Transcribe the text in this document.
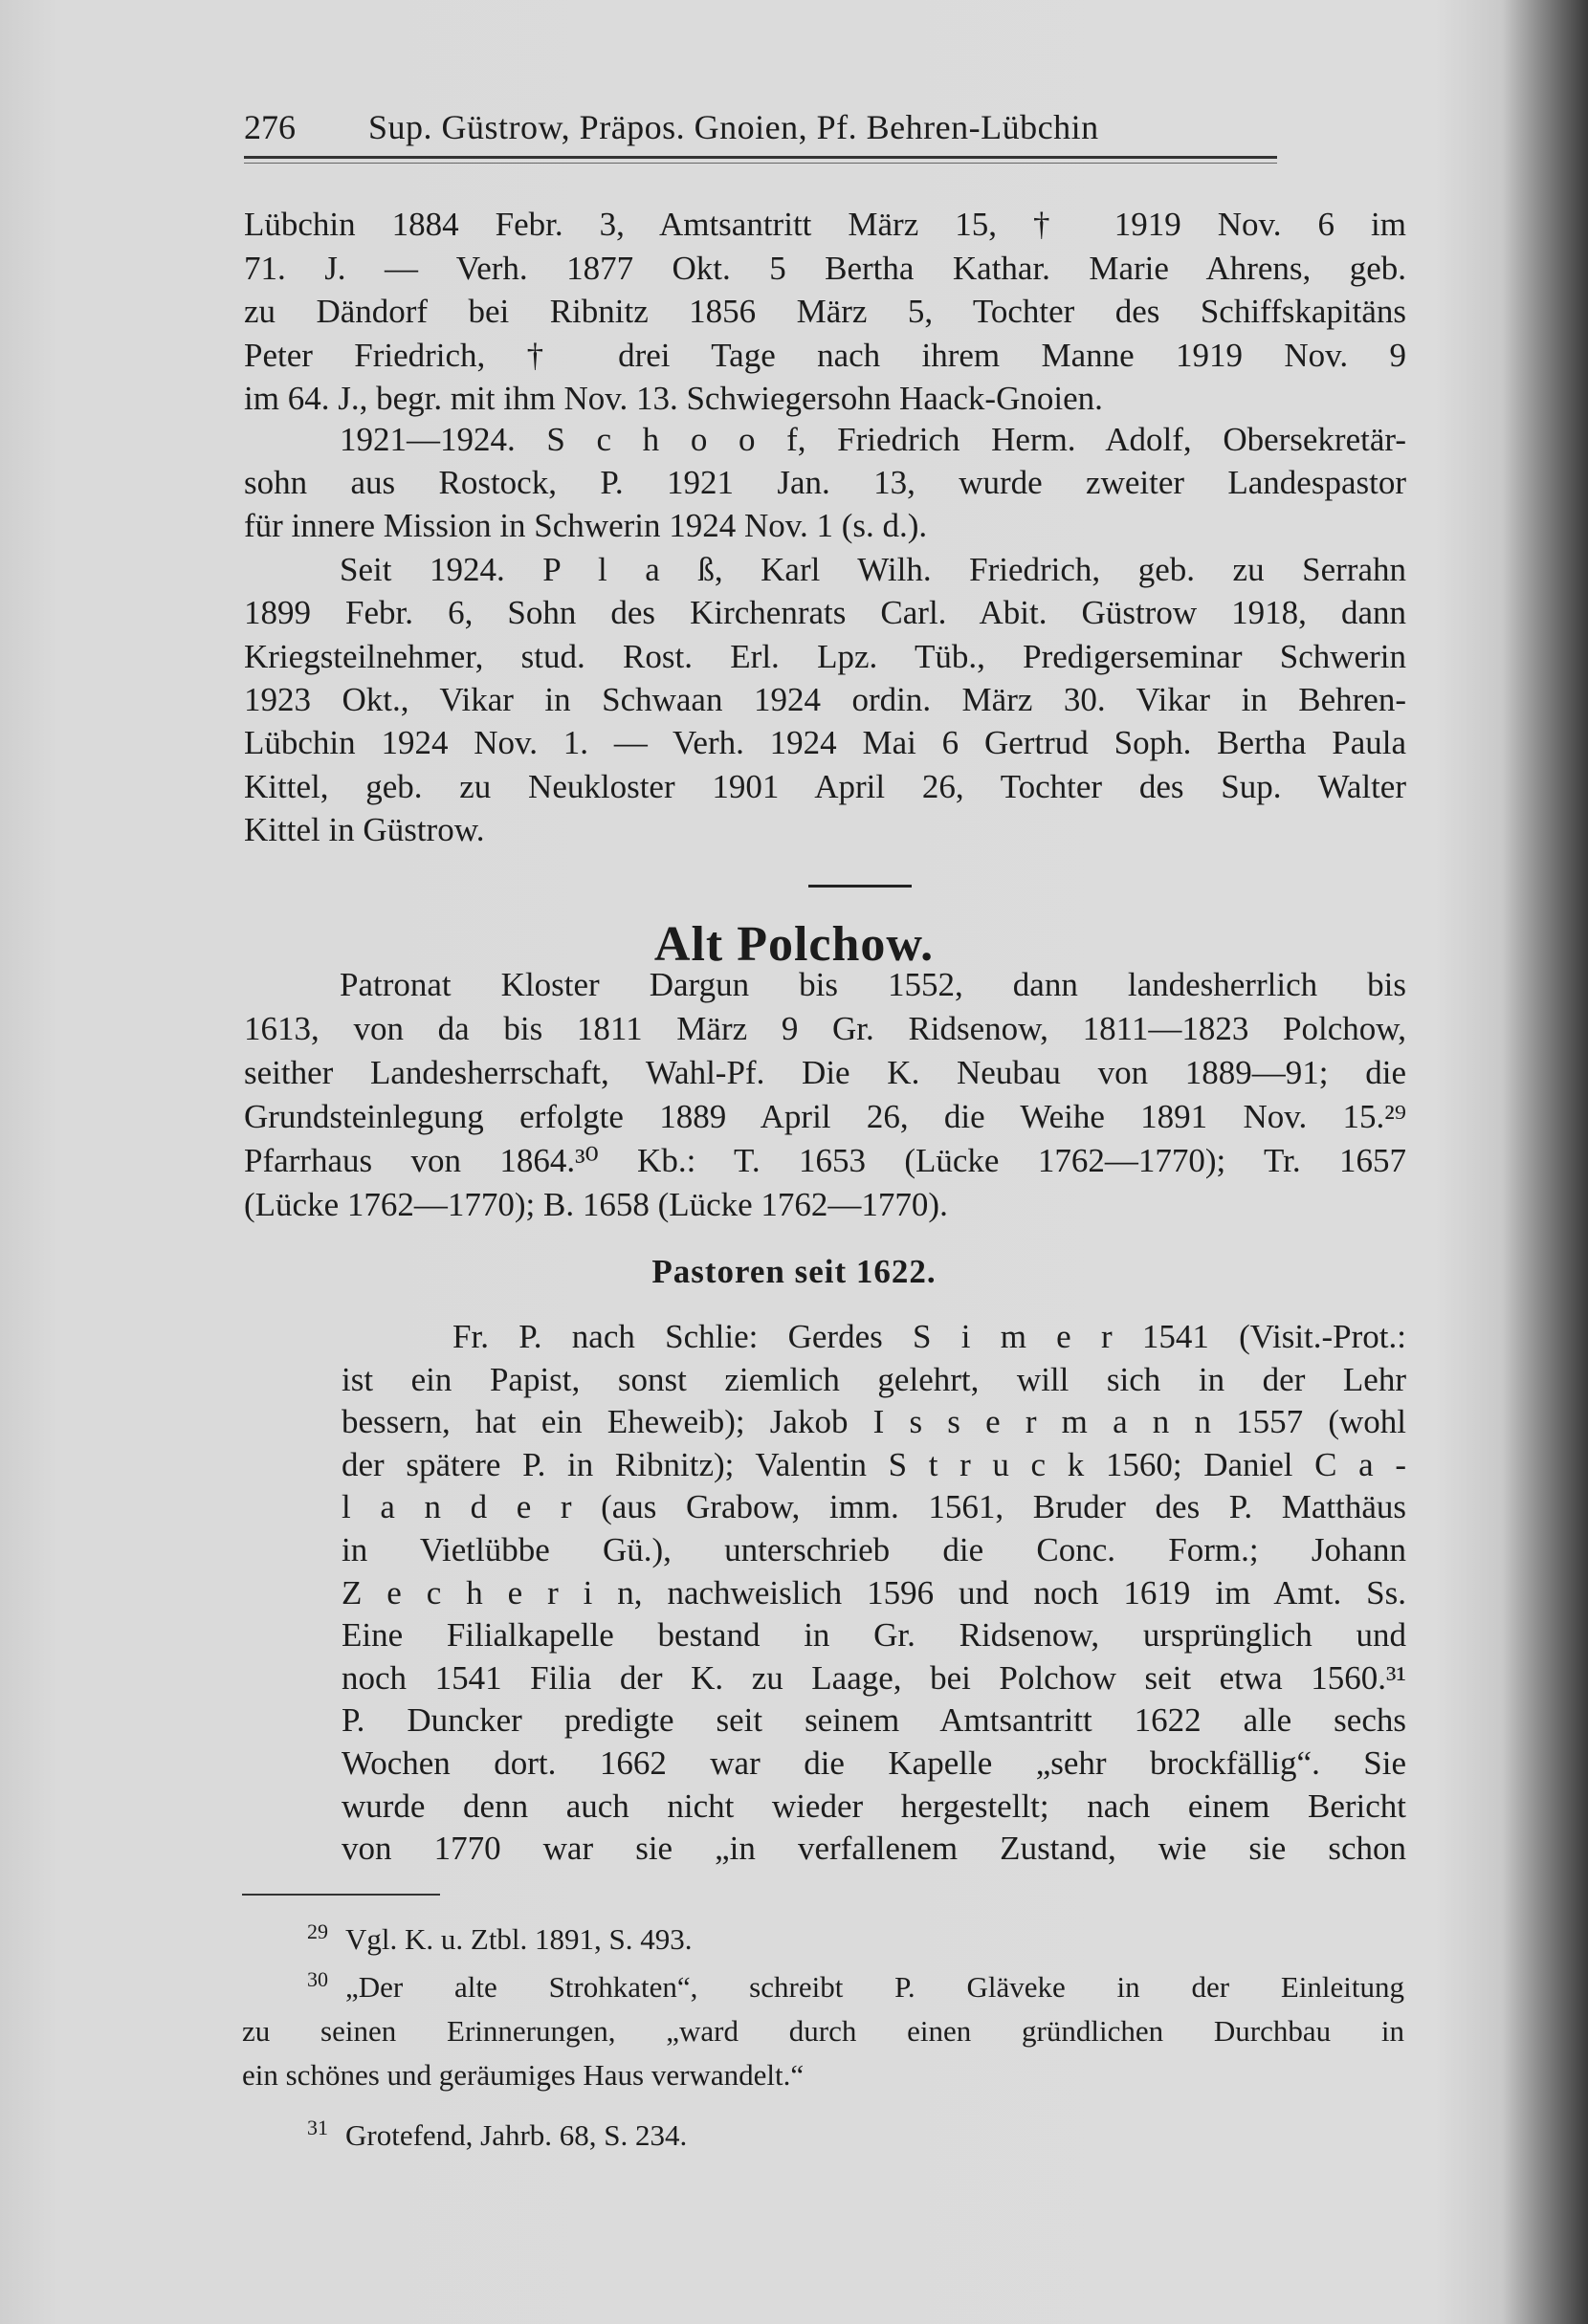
276 Sup. Güstrow, Präpos. Gnoien, Pf. Behren-Lübchin
Lübchin 1884 Febr. 3, Amtsantritt März 15, † 1919 Nov. 6 im
71. J. — Verh. 1877 Okt. 5 Bertha Kathar. Marie Ahrens, geb.
zu Dändorf bei Ribnitz 1856 März 5, Tochter des Schiffskapitäns
Peter Friedrich, † drei Tage nach ihrem Manne 1919 Nov. 9
im 64. J., begr. mit ihm Nov. 13. Schwiegersohn Haack-Gnoien.
1921—1924. S c h o o f, Friedrich Herm. Adolf, Obersekretär-
sohn aus Rostock, P. 1921 Jan. 13, wurde zweiter Landespastor
für innere Mission in Schwerin 1924 Nov. 1 (s. d.).
Seit 1924. P l a ß, Karl Wilh. Friedrich, geb. zu Serrahn
1899 Febr. 6, Sohn des Kirchenrats Carl. Abit. Güstrow 1918, dann
Kriegsteilnehmer, stud. Rost. Erl. Lpz. Tüb., Predigerseminar Schwerin
1923 Okt., Vikar in Schwaan 1924 ordin. März 30. Vikar in Behren-
Lübchin 1924 Nov. 1. — Verh. 1924 Mai 6 Gertrud Soph. Bertha Paula
Kittel, geb. zu Neukloster 1901 April 26, Tochter des Sup. Walter
Kittel in Güstrow.
Alt Polchow.
Patronat Kloster Dargun bis 1552, dann landesherrlich bis
1613, von da bis 1811 März 9 Gr. Ridsenow, 1811—1823 Polchow,
seither Landesherrschaft, Wahl-Pf. Die K. Neubau von 1889—91; die
Grundsteinlegung erfolgte 1889 April 26, die Weihe 1891 Nov. 15.²⁹
Pfarrhaus von 1864.³⁰ Kb.: T. 1653 (Lücke 1762—1770); Tr. 1657
(Lücke 1762—1770); B. 1658 (Lücke 1762—1770).
Pastoren seit 1622.
Fr. P. nach Schlie: Gerdes S i m e r 1541 (Visit.-Prot.:
ist ein Papist, sonst ziemlich gelehrt, will sich in der Lehr
bessern, hat ein Eheweib); Jakob I s s e r m a n n 1557 (wohl
der spätere P. in Ribnitz); Valentin S t r u c k 1560; Daniel C a -
l a n d e r (aus Grabow, imm. 1561, Bruder des P. Matthäus
in Vietlübbe Gü.), unterschrieb die Conc. Form.; Johann
Z e c h e r i n, nachweislich 1596 und noch 1619 im Amt. Ss.
Eine Filialkapelle bestand in Gr. Ridsenow, ursprünglich und
noch 1541 Filia der K. zu Laage, bei Polchow seit etwa 1560.³¹
P. Duncker predigte seit seinem Amtsantritt 1622 alle sechs
Wochen dort. 1662 war die Kapelle „sehr brockfällig“. Sie
wurde denn auch nicht wieder hergestellt; nach einem Bericht
von 1770 war sie „in verfallenem Zustand, wie sie schon
29 Vgl. K. u. Ztbl. 1891, S. 493.
30 „Der alte Strohkaten“, schreibt P. Gläveke in der Einleitung
zu seinen Erinnerungen, „ward durch einen gründlichen Durchbau in
ein schönes und geräumiges Haus verwandelt.“
31 Grotefend, Jahrb. 68, S. 234.
